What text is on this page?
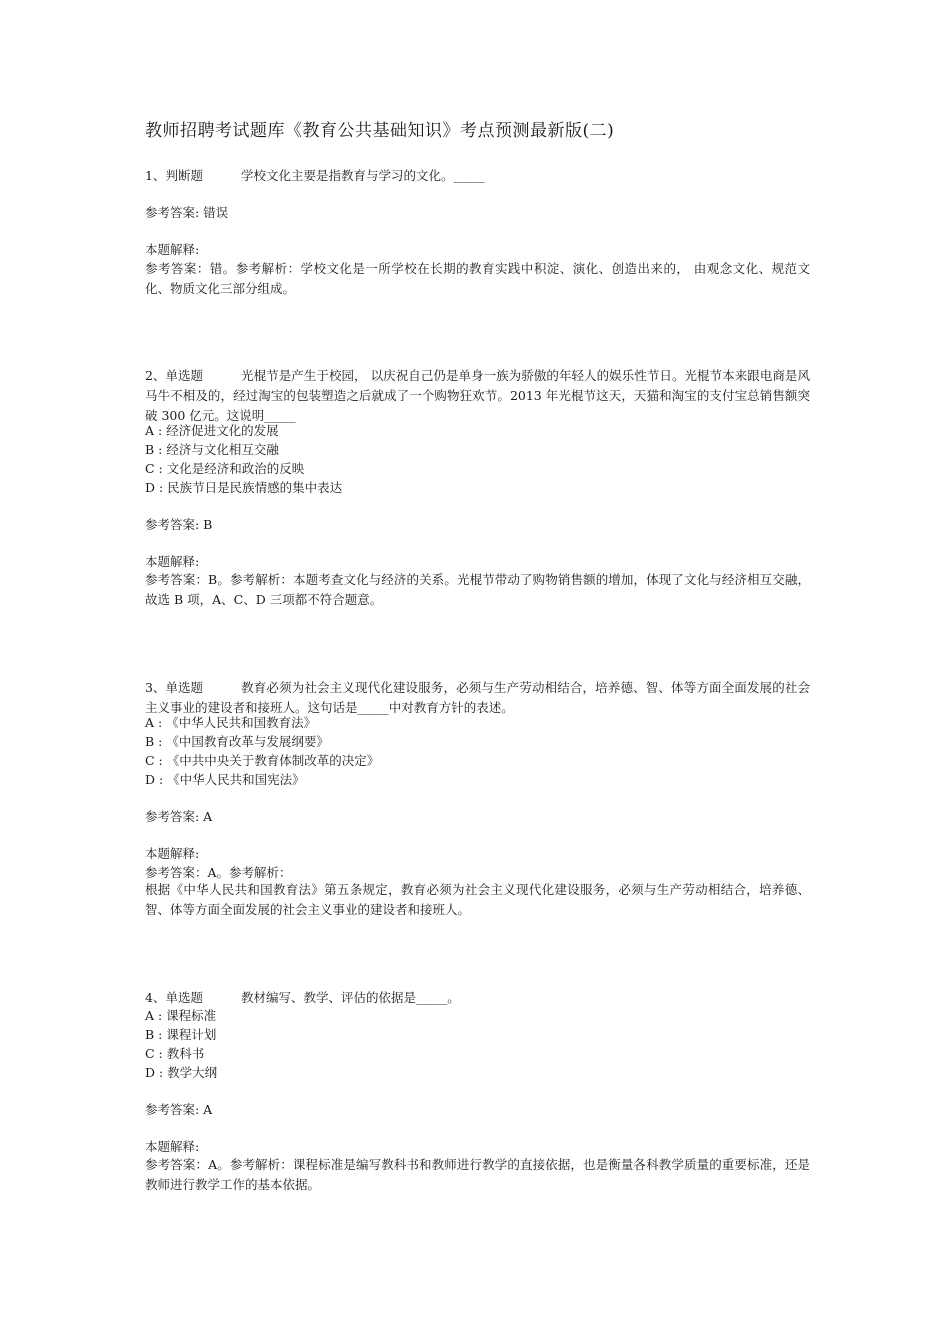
教师招聘考试题库《教育公共基础知识》考点预测最新版(二)
1、判断题	学校文化主要是指教育与学习的文化。_____
参考答案: 错误
本题解释:
参考答案：错。参考解析：学校文化是一所学校在长期的教育实践中积淀、演化、创造出来的， 由观念文化、规范文化、物质文化三部分组成。
2、单选题	光棍节是产生于校园， 以庆祝自己仍是单身一族为骄傲的年轻人的娱乐性节日。光棍节本来跟电商是风马牛不相及的，经过淘宝的包装塑造之后就成了一个购物狂欢节。2013 年光棍节这天，天猫和淘宝的支付宝总销售额突破 300 亿元。这说明_____
A : 经济促进文化的发展
B : 经济与文化相互交融
C : 文化是经济和政治的反映
D : 民族节日是民族情感的集中表达
参考答案: B
本题解释:
参考答案：B。参考解析：本题考查文化与经济的关系。光棍节带动了购物销售额的增加，体现了文化与经济相互交融，故选 B 项，A、C、D 三项都不符合题意。
3、单选题	教育必须为社会主义现代化建设服务，必须与生产劳动相结合，培养德、智、体等方面全面发展的社会主义事业的建设者和接班人。这句话是_____中对教育方针的表述。
A : 《中华人民共和国教育法》
B : 《中国教育改革与发展纲要》
C : 《中共中央关于教育体制改革的决定》
D : 《中华人民共和国宪法》
参考答案: A
本题解释:
参考答案：A。参考解析：
根据《中华人民共和国教育法》第五条规定，教育必须为社会主义现代化建设服务，必须与生产劳动相结合，培养德、智、体等方面全面发展的社会主义事业的建设者和接班人。
4、单选题	教材编写、教学、评估的依据是_____。
A : 课程标准
B : 课程计划
C : 教科书
D : 教学大纲
参考答案: A
本题解释:
参考答案：A。参考解析：课程标准是编写教科书和教师进行教学的直接依据，也是衡量各科教学质量的重要标准，还是教师进行教学工作的基本依据。
